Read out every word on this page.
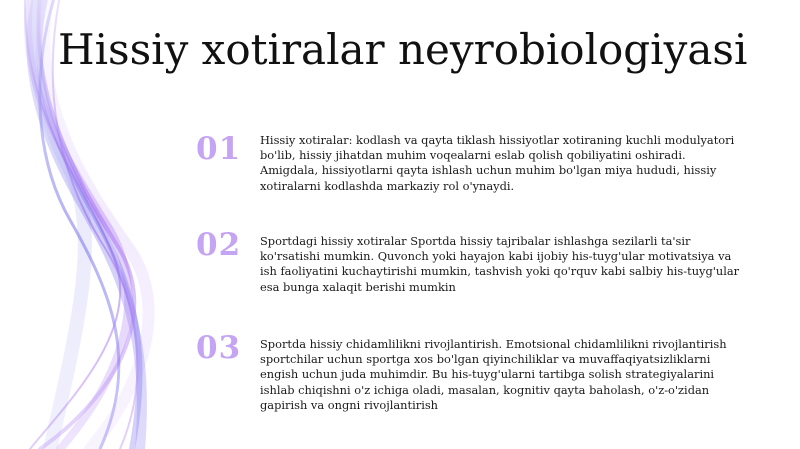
Hissiy xotiralar neyrobiologiyasi
01	Hissiy xotiralar: kodlash va qayta tiklash hissiyotlar xotiraning kuchli modulyatori bo'lib, hissiy jihatdan muhim voqealarni eslab qolish qobiliyatini oshiradi. Amigdala, hissiyotlarni qayta ishlash uchun muhim bo'lgan miya hududi, hissiy xotiralarni kodlashda markaziy rol o'ynaydi.

02	Sportdagi hissiy xotiralar Sportda hissiy tajribalar ishlashga sezilarli ta'sir ko'rsatishi mumkin. Quvonch yoki hayajon kabi ijobiy his-tuyg'ular motivatsiya va ish faoliyatini kuchaytirishi mumkin, tashvish yoki qo'rquv kabi salbiy his-tuyg'ular esa bunga xalaqit berishi mumkin

03	Sportda hissiy chidamlilikni rivojlantirish. Emotsional chidamlilikni rivojlantirish sportchilar uchun sportga xos bo'lgan qiyinchiliklar va muvaffaqiyatsizliklarni engish uchun juda muhimdir. Bu his-tuyg'ularni tartibga solish strategiyalarini ishlab chiqishni o'z ichiga oladi, masalan, kognitiv qayta baholash, o'z-o'zidan gapirish va ongni rivojlantirish
